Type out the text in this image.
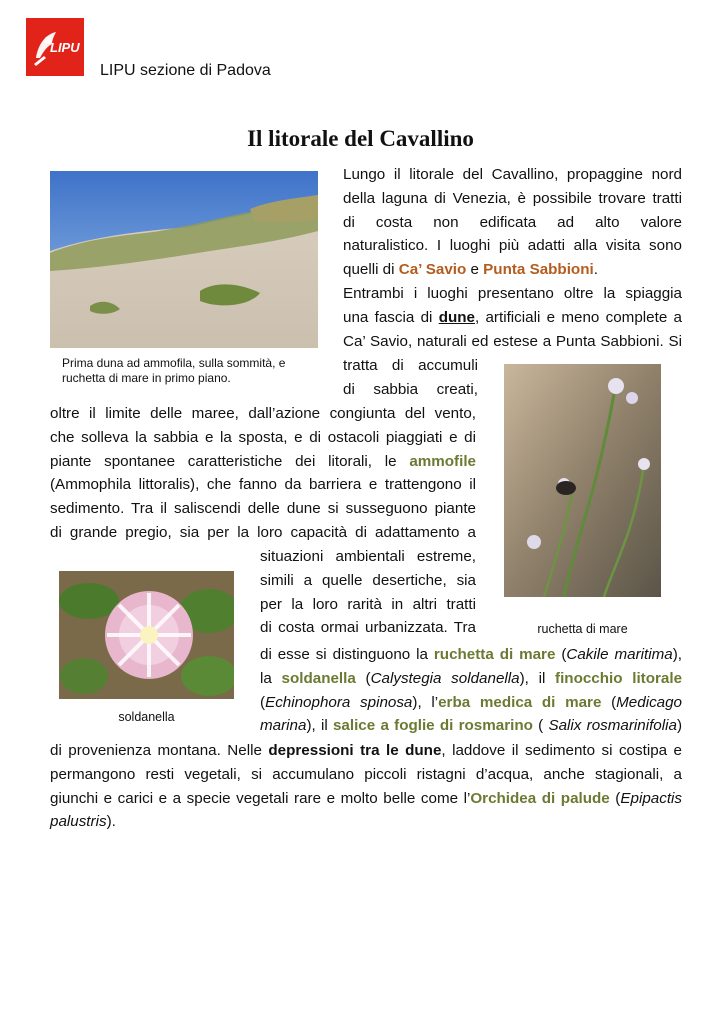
LIPU
LIPU sezione di Padova
Il litorale del Cavallino
Prima duna ad ammofila, sulla sommità, e ruchetta di mare in primo piano.
Lungo il litorale del Cavallino, propaggine nord
della laguna di Venezia, è possibile trovare tratti
di costa non edificata ad alto valore
naturalistico. I luoghi più adatti alla visita sono
quelli di Ca’ Savio e Punta Sabbioni.
Entrambi i luoghi presentano oltre la spiaggia
una fascia di dune, artificiali e meno complete a
Ca’ Savio, naturali ed estese a Punta Sabbioni. Si
tratta di accumuli
di sabbia creati,
ruchetta di mare
soldanella
oltre il limite delle maree, dall’azione congiunta del vento,
che solleva la sabbia e la sposta, e di ostacoli piaggiati e di
piante spontanee caratteristiche dei litorali, le ammofile
(Ammophila littoralis), che fanno da barriera e trattengono il
sedimento. Tra il saliscendi delle dune si susseguono piante
di grande pregio, sia per la loro capacità di adattamento a
situazioni ambientali estreme,
simili a quelle desertiche, sia
per la loro rarità in altri tratti
di costa ormai urbanizzata. Tra
di esse si distinguono la ruchetta di mare (Cakile maritima),
la soldanella (Calystegia soldanella), il finocchio litorale
(Echinophora spinosa), l’erba medica di mare (Medicago
marina), il salice a foglie di rosmarino ( Salix rosmarinifolia)
di provenienza montana. Nelle depressioni tra le dune, laddove il sedimento si costipa e
permangono resti vegetali, si accumulano piccoli ristagni d’acqua, anche stagionali, a
giunchi e carici e a specie vegetali rare e molto belle come l’Orchidea di palude (Epipactis
palustris).
